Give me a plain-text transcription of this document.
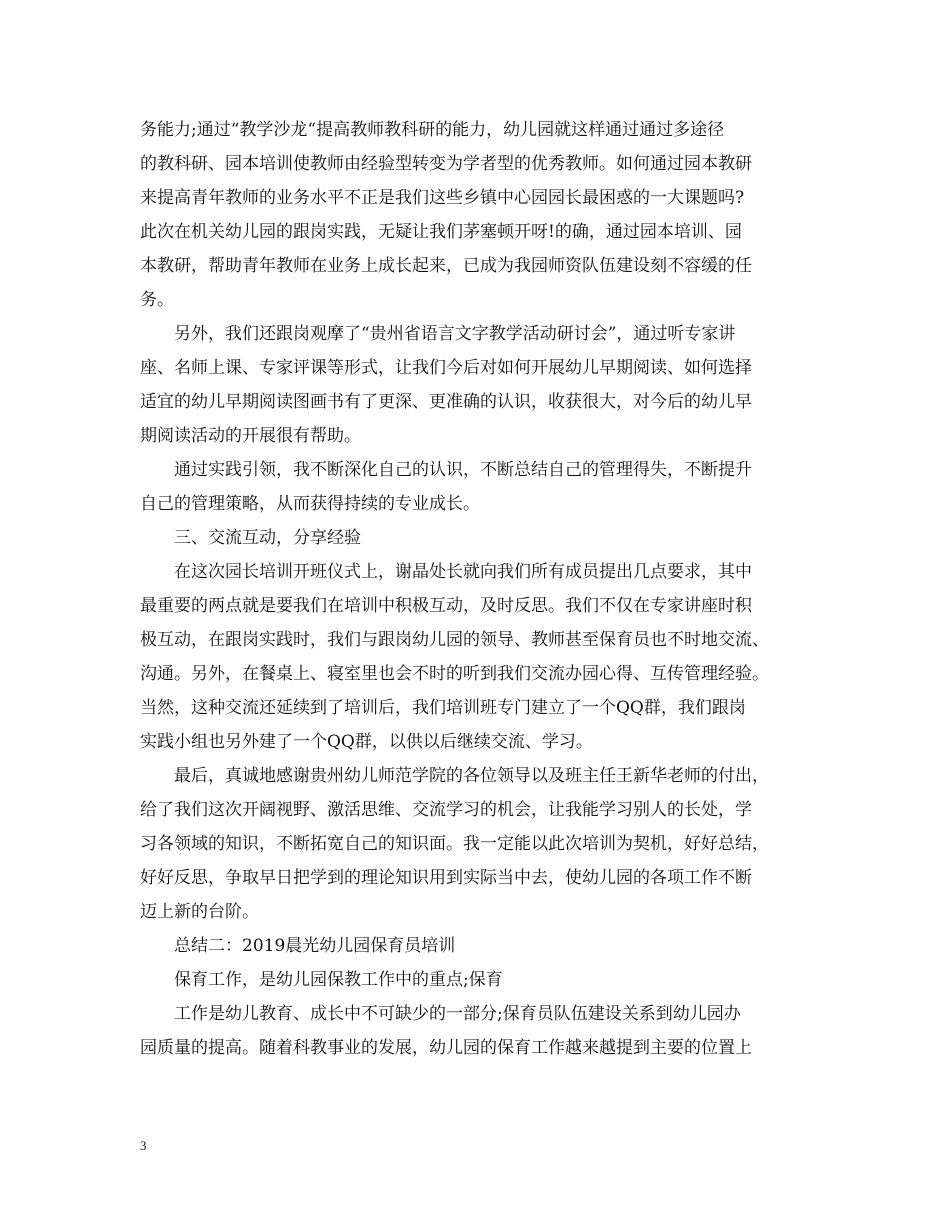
务能力;通过“教学沙龙“提高教师教科研的能力，幼儿园就这样通过通过多途径
的教科研、园本培训使教师由经验型转变为学者型的优秀教师。如何通过园本教研
来提高青年教师的业务水平不正是我们这些乡镇中心园园长最困惑的一大课题吗?
此次在机关幼儿园的跟岗实践，无疑让我们茅塞顿开呀!的确，通过园本培训、园
本教研，帮助青年教师在业务上成长起来，已成为我园师资队伍建设刻不容缓的任
务。
另外，我们还跟岗观摩了“贵州省语言文字教学活动研讨会”，通过听专家讲
座、名师上课、专家评课等形式，让我们今后对如何开展幼儿早期阅读、如何选择
适宜的幼儿早期阅读图画书有了更深、更准确的认识，收获很大，对今后的幼儿早
期阅读活动的开展很有帮助。
通过实践引领，我不断深化自己的认识，不断总结自己的管理得失，不断提升
自己的管理策略，从而获得持续的专业成长。
三、交流互动，分享经验
在这次园长培训开班仪式上，谢晶处长就向我们所有成员提出几点要求，其中
最重要的两点就是要我们在培训中积极互动，及时反思。我们不仅在专家讲座时积
极互动，在跟岗实践时，我们与跟岗幼儿园的领导、教师甚至保育员也不时地交流、
沟通。另外，在餐桌上、寝室里也会不时的听到我们交流办园心得、互传管理经验。
当然，这种交流还延续到了培训后，我们培训班专门建立了一个QQ群，我们跟岗
实践小组也另外建了一个QQ群，以供以后继续交流、学习。
最后，真诚地感谢贵州幼儿师范学院的各位领导以及班主任王新华老师的付出，
给了我们这次开阔视野、激活思维、交流学习的机会，让我能学习别人的长处，学
习各领域的知识，不断拓宽自己的知识面。我一定能以此次培训为契机，好好总结，
好好反思，争取早日把学到的理论知识用到实际当中去，使幼儿园的各项工作不断
迈上新的台阶。
总结二：2019晨光幼儿园保育员培训
保育工作，是幼儿园保教工作中的重点;保育
工作是幼儿教育、成长中不可缺少的一部分;保育员队伍建设关系到幼儿园办
园质量的提高。随着科教事业的发展，幼儿园的保育工作越来越提到主要的位置上
3
